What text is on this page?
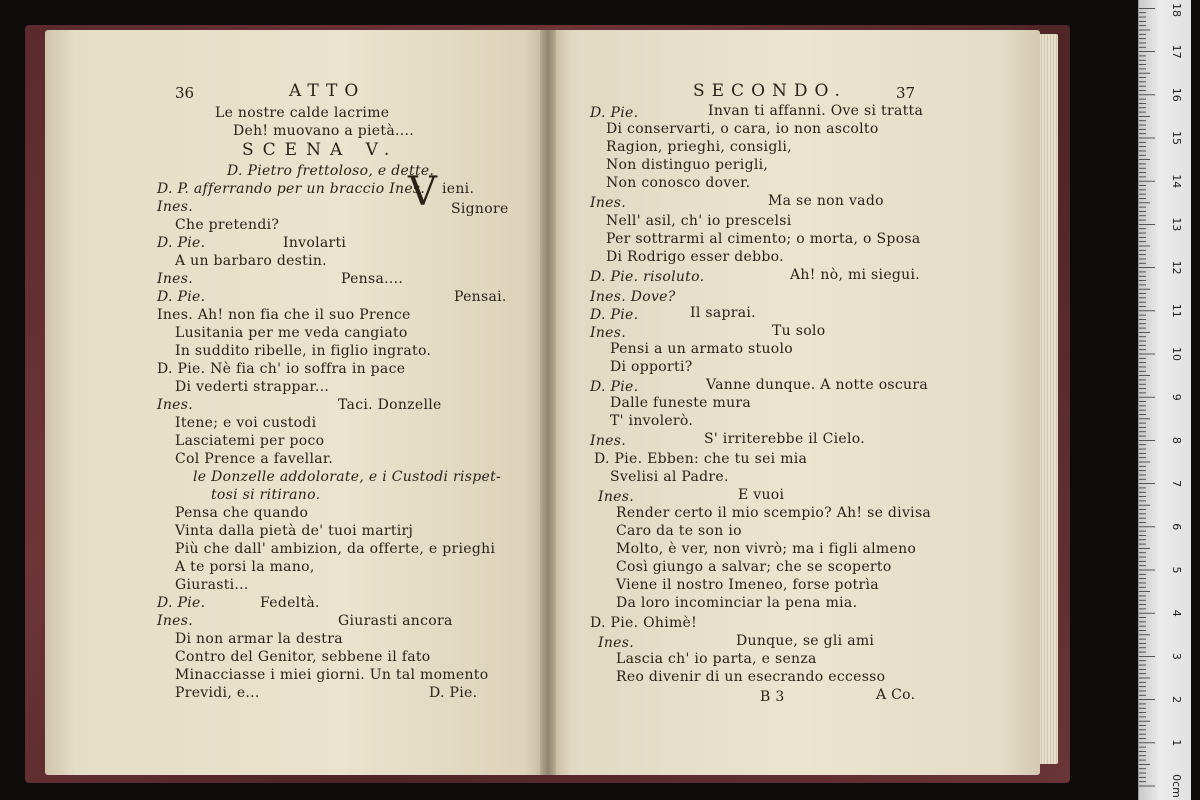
36	ATTO
Le nostre calde lacrime
Deh! muovano a pietà....
SCENA V.
D. Pietro frettoloso, e dette.
D. P. afferrando per un braccio Ines.
V ieni.
Ines.	Signore
Che pretendi?
D. Pie.	Involarti
A un barbaro destin.
Ines.	Pensa....
D. Pie.	Pensai.
Ines. Ah! non fia che il suo Prence
Lusitania per me veda cangiato
In suddito ribelle, in figlio ingrato.
D. Pie. Nè fia ch' io soffra in pace
Di vederti strappar...
Ines.	Taci. Donzelle
Itene; e voi custodi
Lasciatemi per poco
Col Prence a favellar.
le Donzelle addolorate, e i Custodi rispet-
tosi si ritirano.
Pensa che quando
Vinta dalla pietà de' tuoi martirj
Più che dall' ambizion, da offerte, e prieghi
A te porsi la mano,
Giurasti...
D. Pie.	Fedeltà.
Ines.	Giurasti ancora
Di non armar la destra
Contro del Genitor, sebbene il fato
Minacciasse i miei giorni. Un tal momento
Previdi, e...	D. Pie.
SECONDO.	37
D. Pie.	Invan ti affanni. Ove si tratta
Di conservarti, o cara, io non ascolto
Ragion, prieghi, consigli,
Non distinguo perigli,
Non conosco dover.
Ines.	Ma se non vado
Nell' asil, ch' io prescelsi
Per sottrarmi al cimento; o morta, o Sposa
Di Rodrigo esser debbo.
D. Pie. risoluto.	Ah! nò, mi siegui.
Ines. Dove?
D. Pie.	Il saprai.
Ines.	Tu solo
Pensi a un armato stuolo
Di opporti?
D. Pie.	Vanne dunque. A notte oscura
Dalle funeste mura
T' involerò.
Ines.	S' irriterebbe il Cielo.
D. Pie. Ebben: che tu sei mia
Svelisi al Padre.
Ines.	E vuoi
Render certo il mio scempio? Ah! se divisa
Caro da te son io
Molto, è ver, non vivrò; ma i figli almeno
Così giungo a salvar; che se scoperto
Viene il nostro Imeneo, forse potrìa
Da loro incominciar la pena mia.
D. Pie. Ohimè!
Ines.	Dunque, se gli ami
Lascia ch' io parta, e senza
Reo divenir di un esecrando eccesso
B 3	A Co.
0cm
1
2
3
4
5
6
7
8
9
10
11
12
13
14
15
16
17
18
